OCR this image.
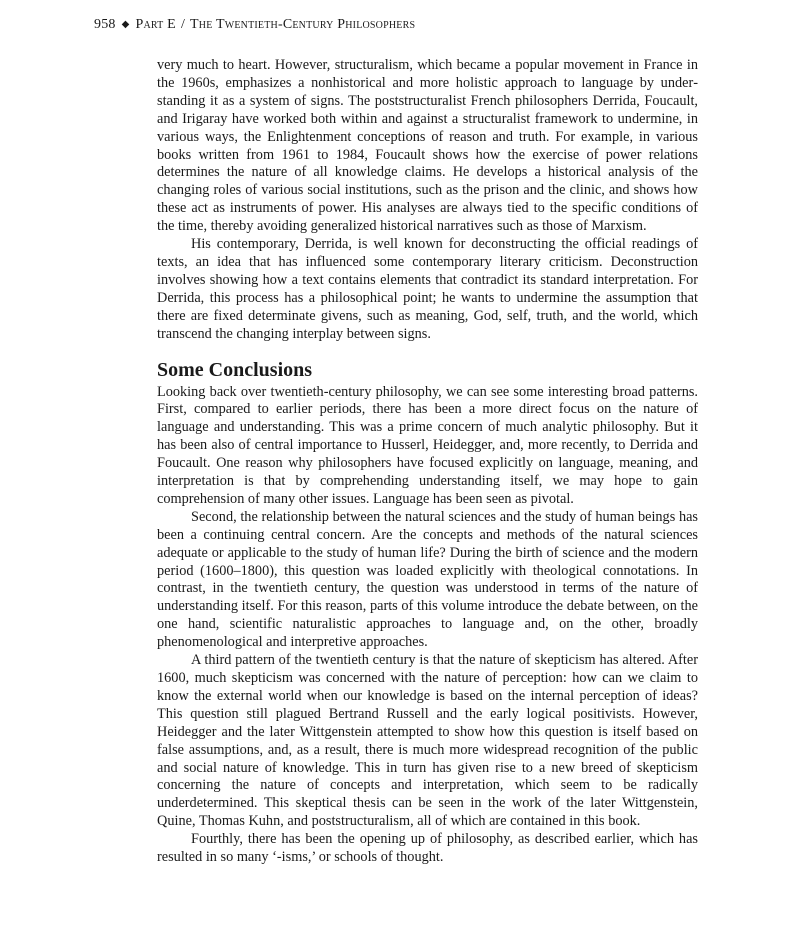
958 ◆ Part E / The Twentieth-Century Philosophers

very much to heart. However, structuralism, which became a popular movement in France in the 1960s, emphasizes a nonhistorical and more holistic approach to language by understanding it as a system of signs. The poststructuralist French philosophers Derrida, Foucault, and Irigaray have worked both within and against a structuralist framework to undermine, in various ways, the Enlightenment conceptions of reason and truth. For example, in various books written from 1961 to 1984, Foucault shows how the exercise of power relations determines the nature of all knowledge claims. He develops a historical analysis of the changing roles of various social institutions, such as the prison and the clinic, and shows how these act as instruments of power. His analyses are always tied to the specific conditions of the time, thereby avoiding generalized historical narratives such as those of Marxism.

His contemporary, Derrida, is well known for deconstructing the official readings of texts, an idea that has influenced some contemporary literary criticism. Deconstruction involves showing how a text contains elements that contradict its standard interpretation. For Derrida, this process has a philosophical point; he wants to undermine the assumption that there are fixed determinate givens, such as meaning, God, self, truth, and the world, which transcend the changing interplay between signs.

Some Conclusions

Looking back over twentieth-century philosophy, we can see some interesting broad patterns. First, compared to earlier periods, there has been a more direct focus on the nature of language and understanding. This was a prime concern of much analytic philosophy. But it has been also of central importance to Husserl, Heidegger, and, more recently, to Derrida and Foucault. One reason why philosophers have focused explicitly on language, meaning, and interpretation is that by comprehending understanding itself, we may hope to gain comprehension of many other issues. Language has been seen as pivotal.

Second, the relationship between the natural sciences and the study of human beings has been a continuing central concern. Are the concepts and methods of the natural sciences adequate or applicable to the study of human life? During the birth of science and the modern period (1600–1800), this question was loaded explicitly with theological connotations. In contrast, in the twentieth century, the question was understood in terms of the nature of understanding itself. For this reason, parts of this volume introduce the debate between, on the one hand, scientific naturalistic approaches to language and, on the other, broadly phenomenological and interpretive approaches.

A third pattern of the twentieth century is that the nature of skepticism has altered. After 1600, much skepticism was concerned with the nature of perception: how can we claim to know the external world when our knowledge is based on the internal perception of ideas? This question still plagued Bertrand Russell and the early logical positivists. However, Heidegger and the later Wittgenstein attempted to show how this question is itself based on false assumptions, and, as a result, there is much more widespread recognition of the public and social nature of knowledge. This in turn has given rise to a new breed of skepticism concerning the nature of concepts and interpretation, which seem to be radically underdetermined. This skeptical thesis can be seen in the work of the later Wittgenstein, Quine, Thomas Kuhn, and poststructuralism, all of which are contained in this book.

Fourthly, there has been the opening up of philosophy, as described earlier, which has resulted in so many ‘-isms,’ or schools of thought.
